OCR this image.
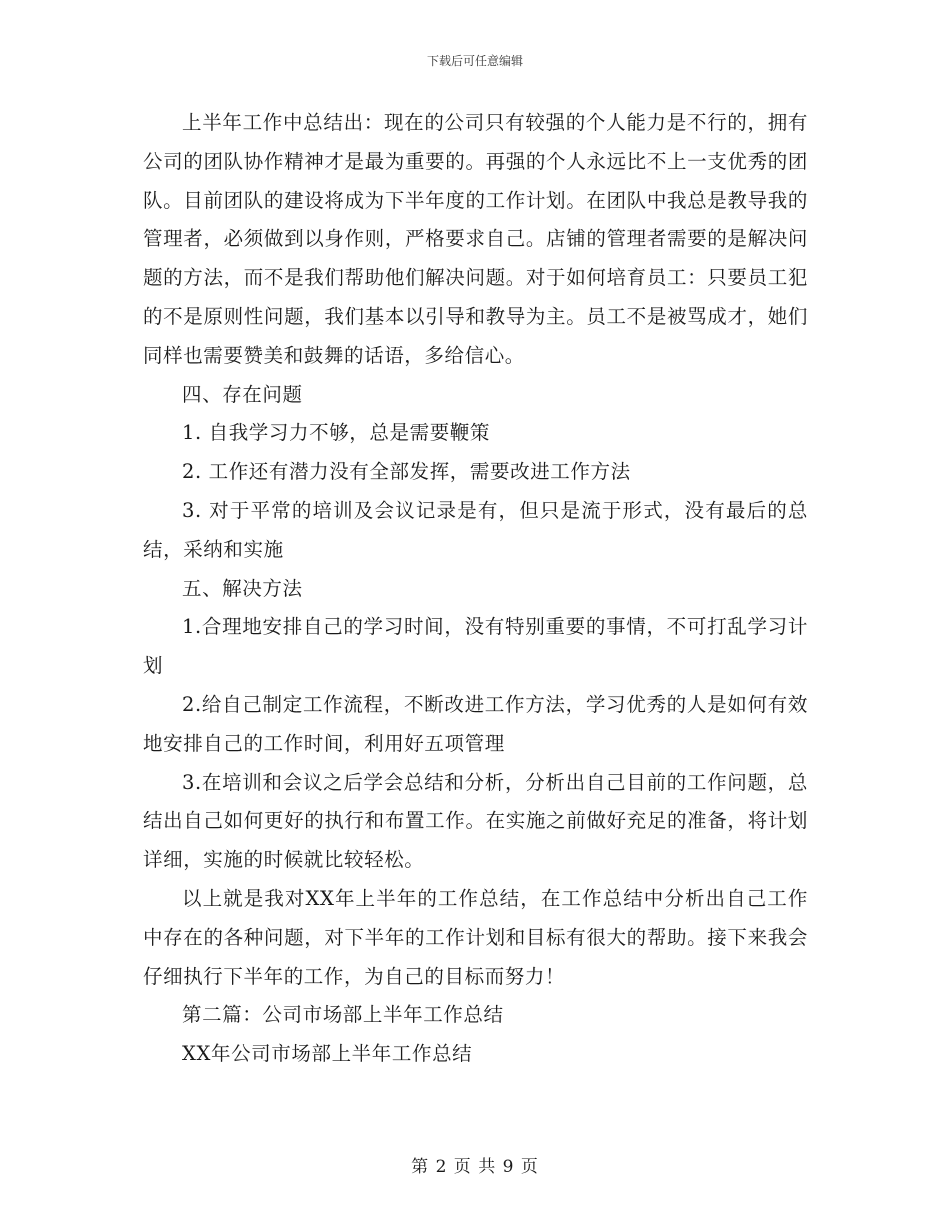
下载后可任意编辑

上半年工作中总结出：现在的公司只有较强的个人能力是不行的，拥有公司的团队协作精神才是最为重要的。再强的个人永远比不上一支优秀的团队。目前团队的建设将成为下半年度的工作计划。在团队中我总是教导我的管理者，必须做到以身作则，严格要求自己。店铺的管理者需要的是解决问题的方法，而不是我们帮助他们解决问题。对于如何培育员工：只要员工犯的不是原则性问题，我们基本以引导和教导为主。员工不是被骂成才，她们同样也需要赞美和鼓舞的话语，多给信心。

四、存在问题

1. 自我学习力不够，总是需要鞭策

2. 工作还有潜力没有全部发挥，需要改进工作方法

3. 对于平常的培训及会议记录是有，但只是流于形式，没有最后的总结，采纳和实施

五、解决方法

1.合理地安排自己的学习时间，没有特别重要的事情，不可打乱学习计划

2.给自己制定工作流程，不断改进工作方法，学习优秀的人是如何有效地安排自己的工作时间，利用好五项管理

3.在培训和会议之后学会总结和分析，分析出自己目前的工作问题，总结出自己如何更好的执行和布置工作。在实施之前做好充足的准备，将计划详细，实施的时候就比较轻松。

以上就是我对XX年上半年的工作总结，在工作总结中分析出自己工作中存在的各种问题，对下半年的工作计划和目标有很大的帮助。接下来我会仔细执行下半年的工作，为自己的目标而努力！

第二篇：公司市场部上半年工作总结

XX年公司市场部上半年工作总结

第 2 页 共 9 页
